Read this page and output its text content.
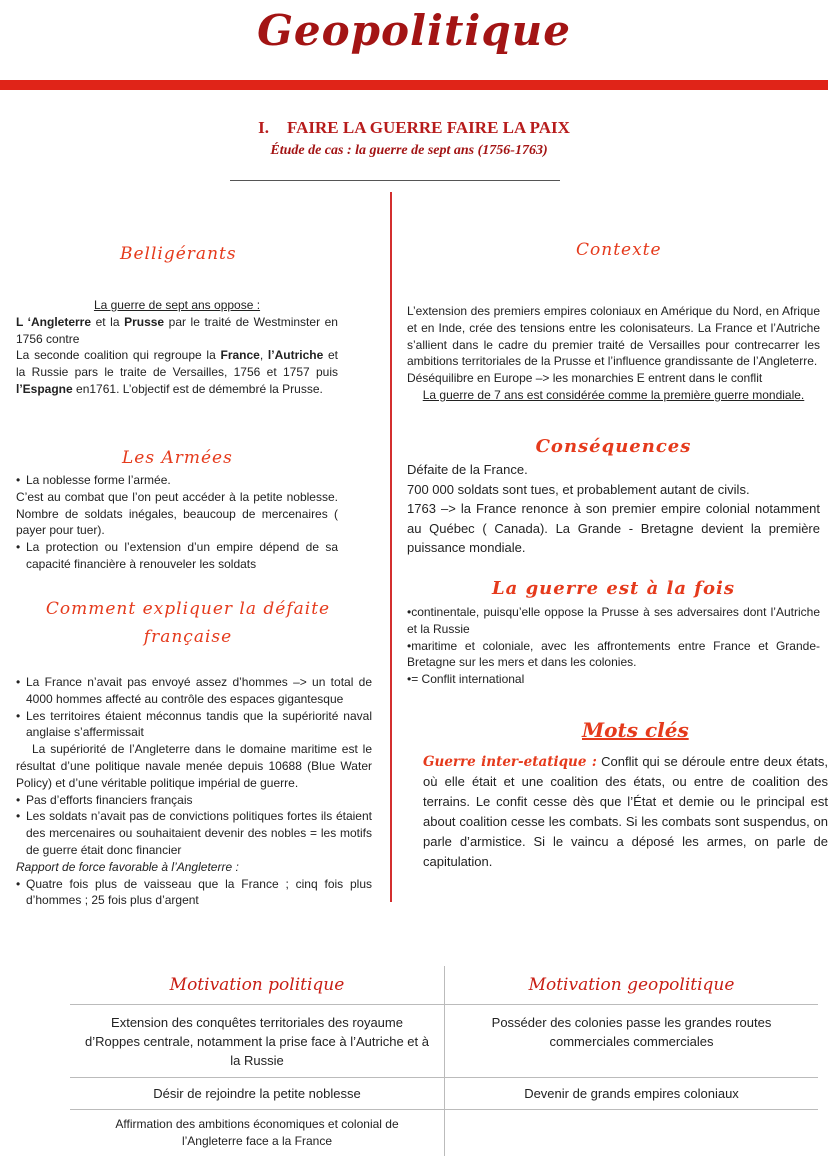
Geopolitique
I. FAIRE LA GUERRE FAIRE LA PAIX
Étude de cas : la guerre de sept ans (1756-1763)
Belligérants

La guerre de sept ans oppose :

L ‘Angleterre et la Prusse par le traité de Westminster en 1756 contre

La seconde coalition qui regroupe la France, l’Autriche et la Russie pars le traite de Versailles, 1756 et 1757 puis l’Espagne en1761. L’objectif est de démembré la Prusse.

Les Armées
• La noblesse forme l’armée.

C’est au combat que l’on peut accéder à la petite noblesse. Nombre de soldats inégales, beaucoup de mercenaires ( payer pour tuer).

• La protection ou l’extension d’un empire dépend de sa capacité financière à renouveler les soldats
Comment expliquer la défaite
française
• La France n’avait pas envoyé assez d’hommes –> un total de 4000 hommes affecté au contrôle des espaces gigantesque
• Les territoires étaient méconnus tandis que la supériorité naval anglaise s’affermissait

La supériorité de l’Angleterre dans le domaine maritime est le résultat d’une politique navale menée depuis 10688 (Blue Water Policy) et d’une véritable politique impérial de guerre.

• Pas d’efforts financiers français
• Les soldats n’avait pas de convictions politiques fortes ils étaient des mercenaires ou souhaitaient devenir des nobles = les motifs de guerre était donc financier

Rapport de force favorable à l’Angleterre :

• Quatre fois plus de vaisseau que la France ; cinq fois plus d’hommes ; 25 fois plus d’argent
Contexte

L’extension des premiers empires coloniaux en Amérique du Nord, en Afrique et en Inde, crée des tensions entre les colonisateurs. La France et l’Autriche s’allient dans le cadre du premier traité de Versailles pour contrecarrer les ambitions territoriales de la Prusse et l’influence grandissante de l’Angleterre.

Déséquilibre en Europe –> les monarchies E entrent dans le conflit

La guerre de 7 ans est considérée comme la première guerre mondiale.

Conséquences
Défaite de la France.
700 000 soldats sont tues, et probablement autant de civils.
1763 –> la France renonce à son premier empire colonial notamment au Québec ( Canada). La Grande - Bretagne devient la première puissance mondiale.
La guerre est à la fois

•continentale, puisqu’elle oppose la Prusse à ses adversaires dont l’Autriche et la Russie

•maritime et coloniale, avec les affrontements entre France et Grande-Bretagne sur les mers et dans les colonies.

•= Conflit international

Mots clés
Guerre inter-etatique : Conflit qui se déroule entre deux états, où elle était et une coalition des états, ou entre de coalition des terrains. Le confit cesse dès que l’État et demie ou le principal est about coalition cesse les combats. Si les combats sont suspendus, on parle d’armistice. Si le vaincu a déposé les armes, on parle de capitulation.
Motivation politique	Motivation geopolitique
Extension des conquêtes territoriales des royaume d’Roppes centrale, notamment la prise face à l’Autriche et à la Russie	Posséder des colonies passe les grandes routes commerciales commerciales
Désir de rejoindre la petite noblesse	Devenir de grands empires coloniaux
Affirmation des ambitions économiques et colonial de l’Angleterre face a la France	
